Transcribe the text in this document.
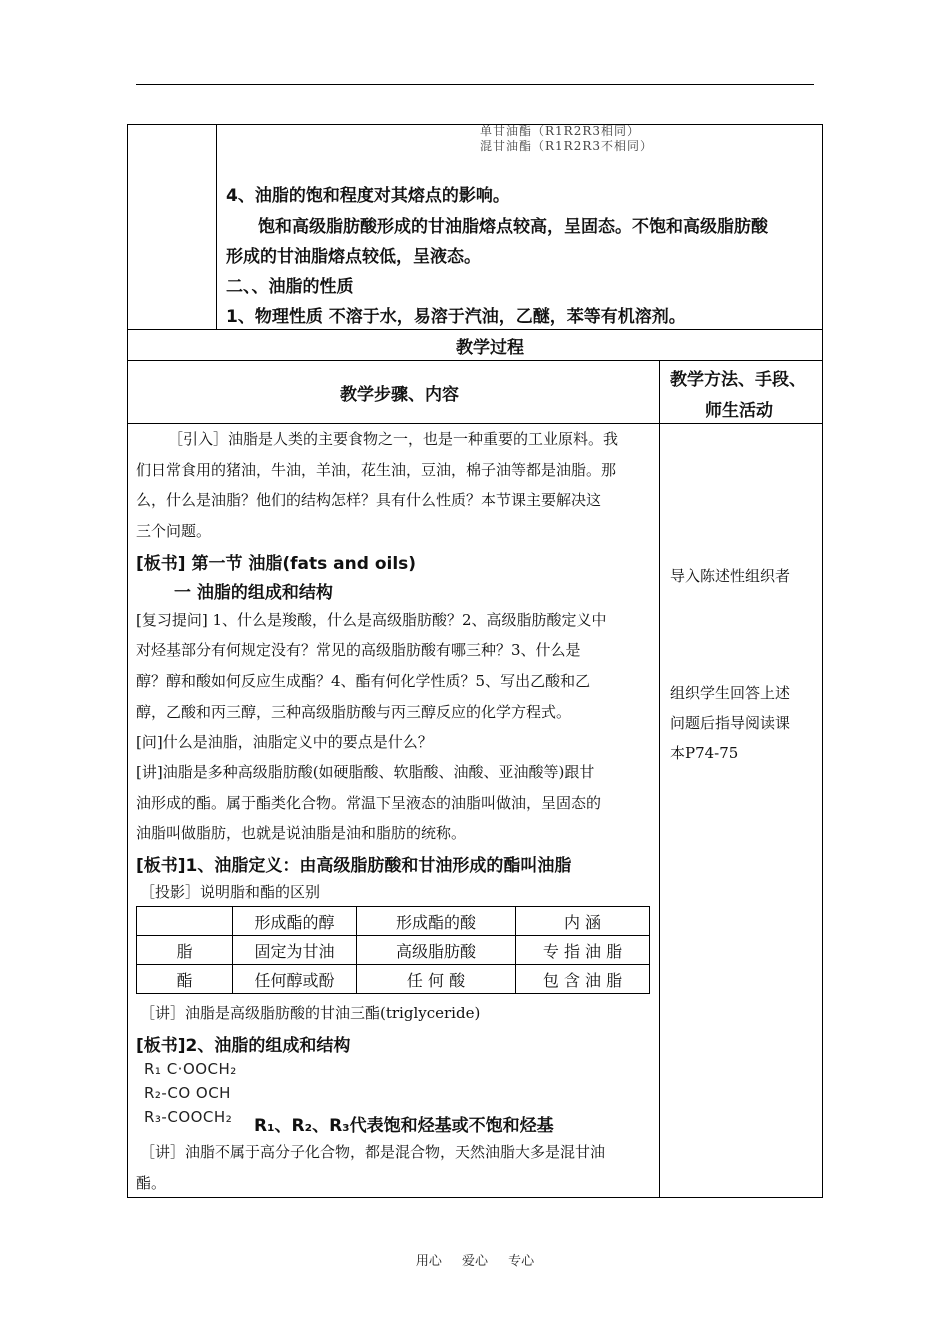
单甘油酯（R1R2R3相同）
混甘油酯（R1R2R3不相同）
4、油脂的饱和程度对其熔点的影响。
饱和高级脂肪酸形成的甘油脂熔点较高，呈固态。不饱和高级脂肪酸
形成的甘油脂熔点较低，呈液态。
二、、油脂的性质
1、物理性质 不溶于水，易溶于汽油，乙醚，苯等有机溶剂。
教学过程
教学步骤、内容
教学方法、手段、
师生活动
［引入］油脂是人类的主要食物之一，也是一种重要的工业原料。我
们日常食用的猪油，牛油，羊油，花生油，豆油，棉子油等都是油脂。那
么，什么是油脂？他们的结构怎样？具有什么性质？本节课主要解决这
三个问题。
[板书] 第一节 油脂(fats and oils)
一 油脂的组成和结构
[复习提问] 1、什么是羧酸，什么是高级脂肪酸？2、高级脂肪酸定义中
对烃基部分有何规定没有？常见的高级脂肪酸有哪三种？3、什么是
醇？醇和酸如何反应生成酯？4、酯有何化学性质？5、写出乙酸和乙
醇，乙酸和丙三醇，三种高级脂肪酸与丙三醇反应的化学方程式。
[问]什么是油脂，油脂定义中的要点是什么？
[讲]油脂是多种高级脂肪酸(如硬脂酸、软脂酸、油酸、亚油酸等)跟甘
油形成的酯。属于酯类化合物。常温下呈液态的油脂叫做油，呈固态的
油脂叫做脂肪，也就是说油脂是油和脂肪的统称。
[板书]1、油脂定义：由高级脂肪酸和甘油形成的酯叫油脂
［投影］说明脂和酯的区别
	形成酯的醇	形成酯的酸	内 涵
脂	固定为甘油	高级脂肪酸	专 指 油 脂
酯	任何醇或酚	任 何 酸	包 含 油 脂
［讲］油脂是高级脂肪酸的甘油三酯(triglyceride)
[板书]2、油脂的组成和结构
R₁ C·OOCH₂
R₂-CO OCH
R₃-COOCH₂ R₁、R₂、R₃代表饱和烃基或不饱和烃基
［讲］油脂不属于高分子化合物，都是混合物，天然油脂大多是混甘油
酯。
导入陈述性组织者
组织学生回答上述
问题后指导阅读课
本P74-75
用心 爱心 专心
